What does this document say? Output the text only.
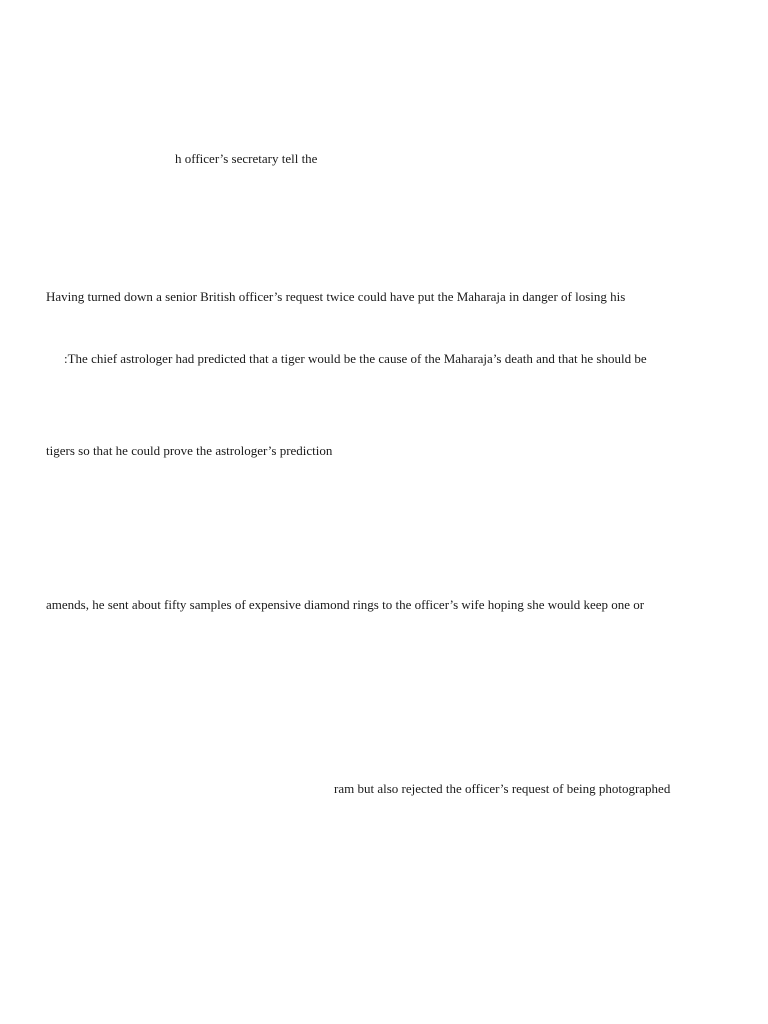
h officer’s secretary tell the
Having turned down a senior British officer’s request twice could have put the Maharaja in danger of losing his
:The chief astrologer had predicted that a tiger would be the cause of the Maharaja’s death and that he should be
tigers so that he could prove the astrologer’s prediction
amends, he sent about fifty samples of expensive diamond rings to the officer’s wife hoping she would keep one or
ram but also rejected the officer’s request of being photographed
